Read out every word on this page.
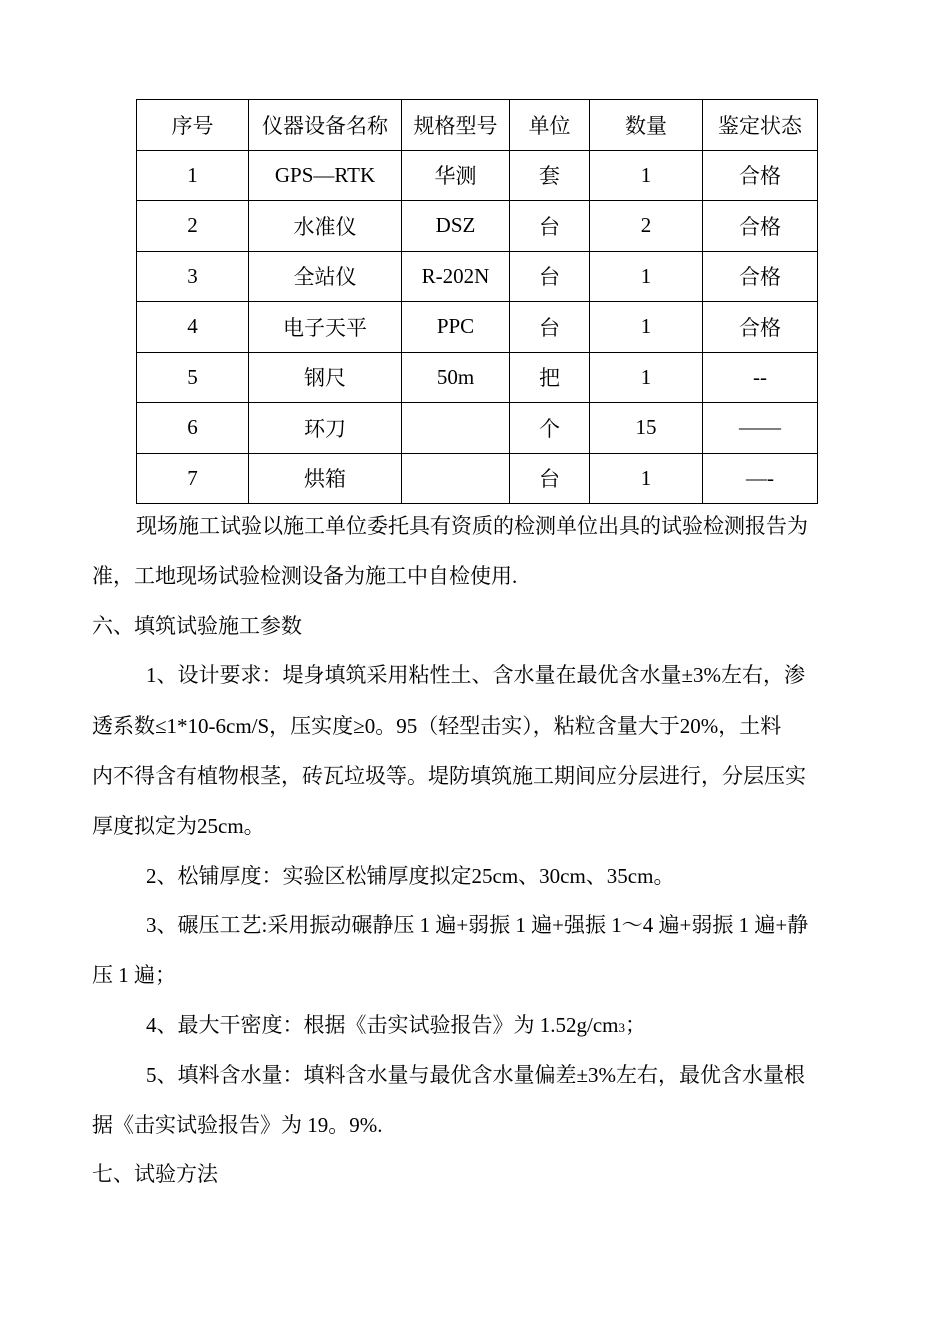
序号	仪器设备名称	规格型号	单位	数量	鉴定状态
1	GPS—RTK	华测	套	1	合格
2	水准仪	DSZ	台	2	合格
3	全站仪	R-202N	台	1	合格
4	电子天平	PPC	台	1	合格
5	钢尺	50m	把	1	--
6	环刀		个	15	——
7	烘箱		台	1	—-
现场施工试验以施工单位委托具有资质的检测单位出具的试验检测报告为
准，工地现场试验检测设备为施工中自检使用.
六、填筑试验施工参数
1、设计要求：堤身填筑采用粘性土、含水量在最优含水量±3%左右，渗
透系数≤1*10-6cm/S，压实度≥0。95（轻型击实），粘粒含量大于20%，土料
内不得含有植物根茎，砖瓦垃圾等。堤防填筑施工期间应分层进行，分层压实
厚度拟定为25cm。
2、松铺厚度：实验区松铺厚度拟定25cm、30cm、35cm。
3、碾压工艺:采用振动碾静压 1 遍+弱振 1 遍+强振 1～4 遍+弱振 1 遍+静
压 1 遍；
4、最大干密度：根据《击实试验报告》为 1.52g/cm3；
5、填料含水量：填料含水量与最优含水量偏差±3%左右，最优含水量根
据《击实试验报告》为 19。9%.
七、试验方法
